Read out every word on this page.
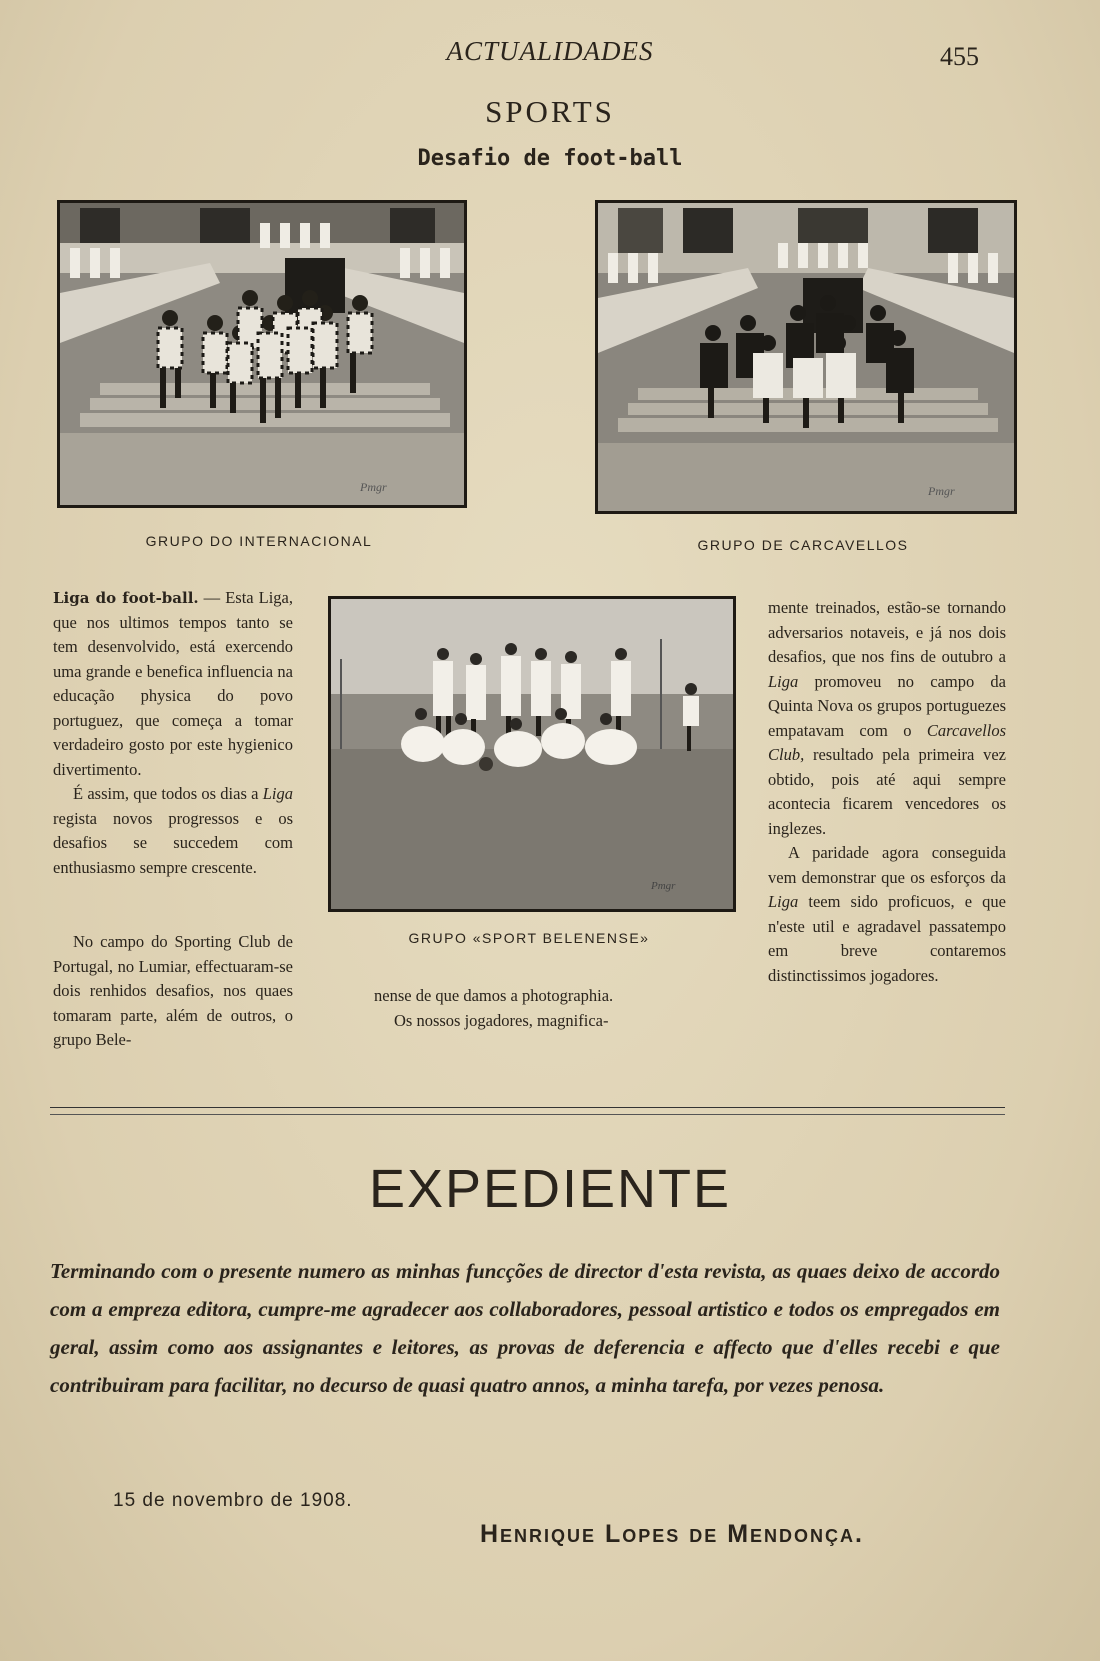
ACTUALIDADES	455
SPORTS
Desafio de foot-ball
Pmgr
GRUPO DO INTERNACIONAL
Pmgr
GRUPO DE CARCAVELLOS
Pmgr
GRUPO «SPORT BELENENSE»

Liga do foot-ball. — Esta Liga, que nos ultimos tempos tanto se tem desenvolvido, está exercendo uma grande e benefica influencia na educação physica do povo portuguez, que começa a tomar verdadeiro gosto por este hygienico divertimento.

É assim, que todos os dias a Liga regista novos progressos e os desafios se succedem com enthusiasmo sempre crescente.

No campo do Sporting Club de Portugal, no Lumiar, effectuaram-se dois renhidos desafios, nos quaes tomaram parte, além de outros, o grupo Bele-

nense de que damos a photographia.

Os nossos jogadores, magnifica-

mente treinados, estão-se tornando adversarios notaveis, e já nos dois desafios, que nos fins de outubro a Liga promoveu no campo da Quinta Nova os grupos portuguezes empatavam com o Carcavellos Club, resultado pela primeira vez obtido, pois até aqui sempre acontecia ficarem vencedores os inglezes.

A paridade agora conseguida vem demonstrar que os esforços da Liga teem sido proficuos, e que n'este util e agradavel passatempo em breve contaremos distinctissimos jogadores.

EXPEDIENTE
Terminando com o presente numero as minhas funcções de director d'esta revista, as quaes deixo de accordo com a empreza editora, cumpre-me agradecer aos collaboradores, pessoal artistico e todos os empregados em geral, assim como aos assignantes e leitores, as provas de deferencia e affecto que d'elles recebi e que contribuiram para facilitar, no decurso de quasi quatro annos, a minha tarefa, por vezes penosa.
15 de novembro de 1908.
Henrique Lopes de Mendonça.
